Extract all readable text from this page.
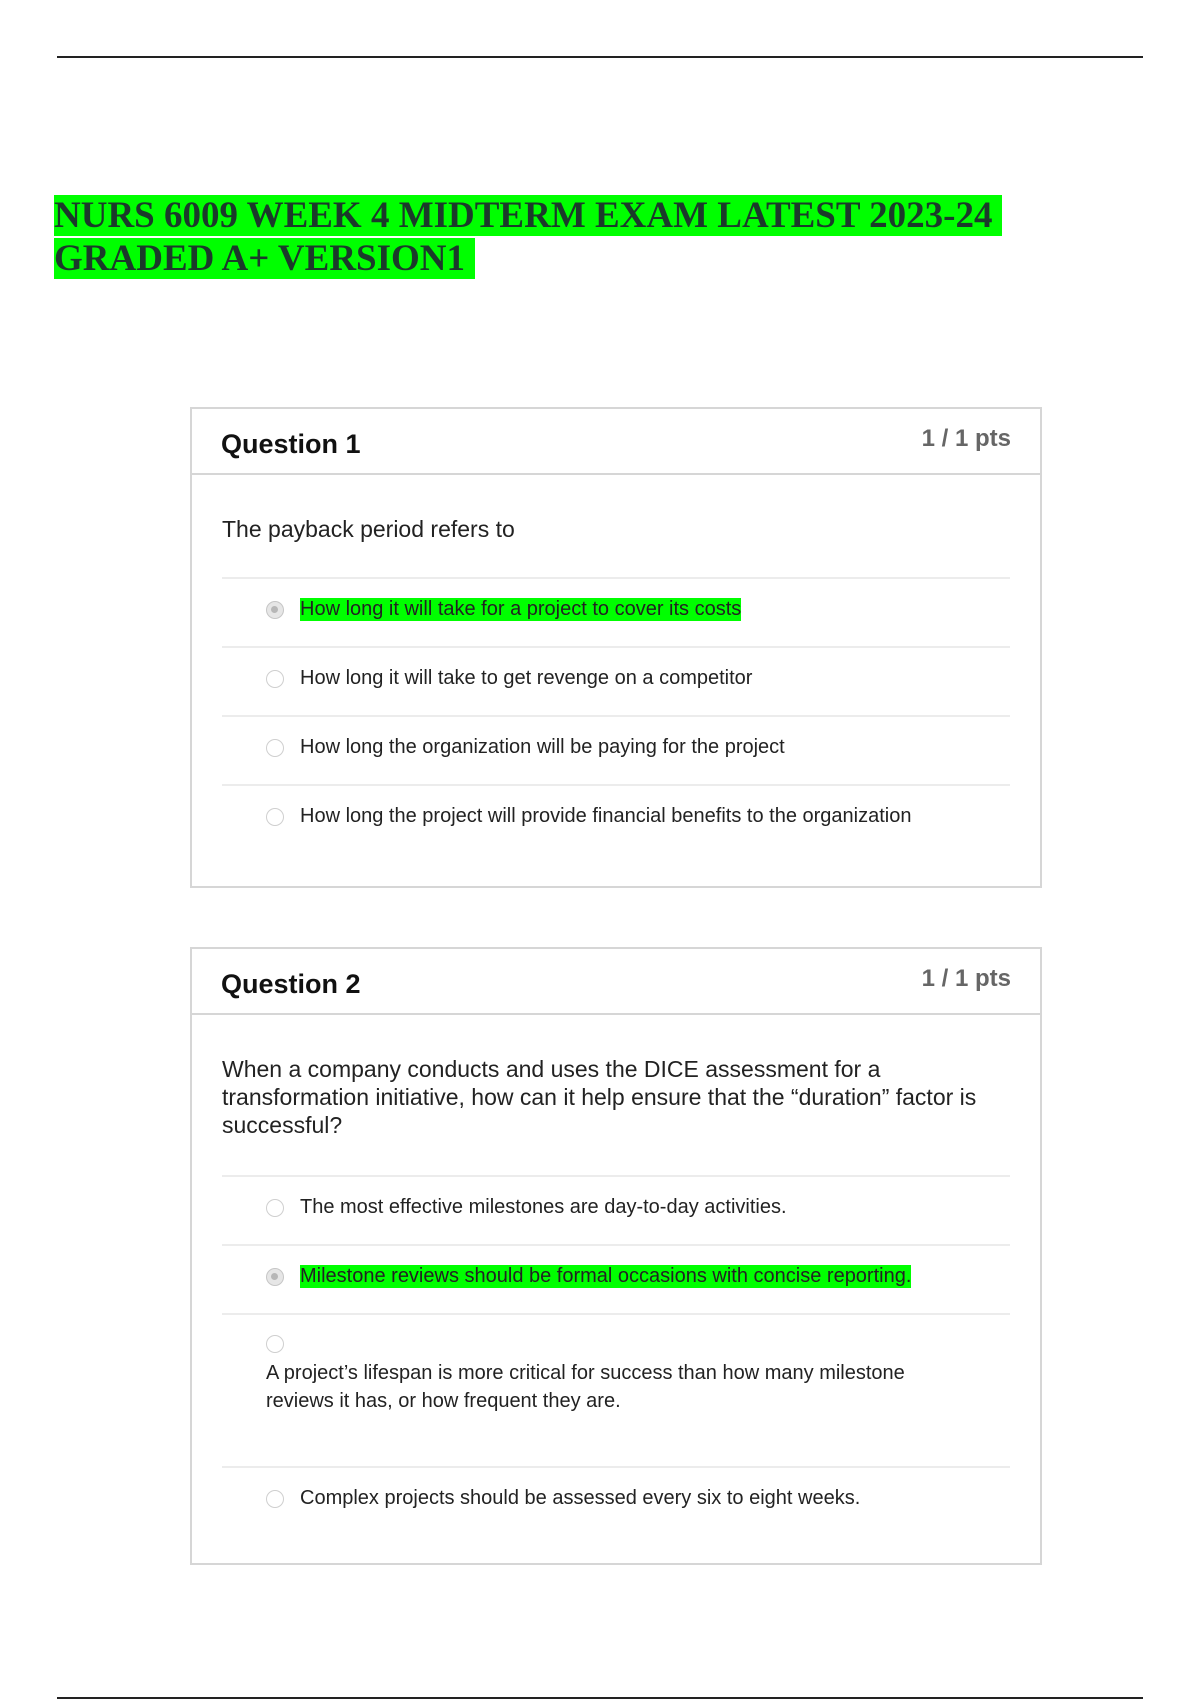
NURS 6009 WEEK 4 MIDTERM EXAM LATEST 2023-24
GRADED A+ VERSION1
Question 1	1 / 1 pts
The payback period refers to
How long it will take for a project to cover its costs
How long it will take to get revenge on a competitor
How long the organization will be paying for the project
How long the project will provide financial benefits to the organization
Question 2	1 / 1 pts
When a company conducts and uses the DICE assessment for a transformation initiative, how can it help ensure that the “duration” factor is successful?
The most effective milestones are day-to-day activities.
Milestone reviews should be formal occasions with concise reporting.
A project’s lifespan is more critical for success than how many milestone reviews it has, or how frequent they are.
Complex projects should be assessed every six to eight weeks.
